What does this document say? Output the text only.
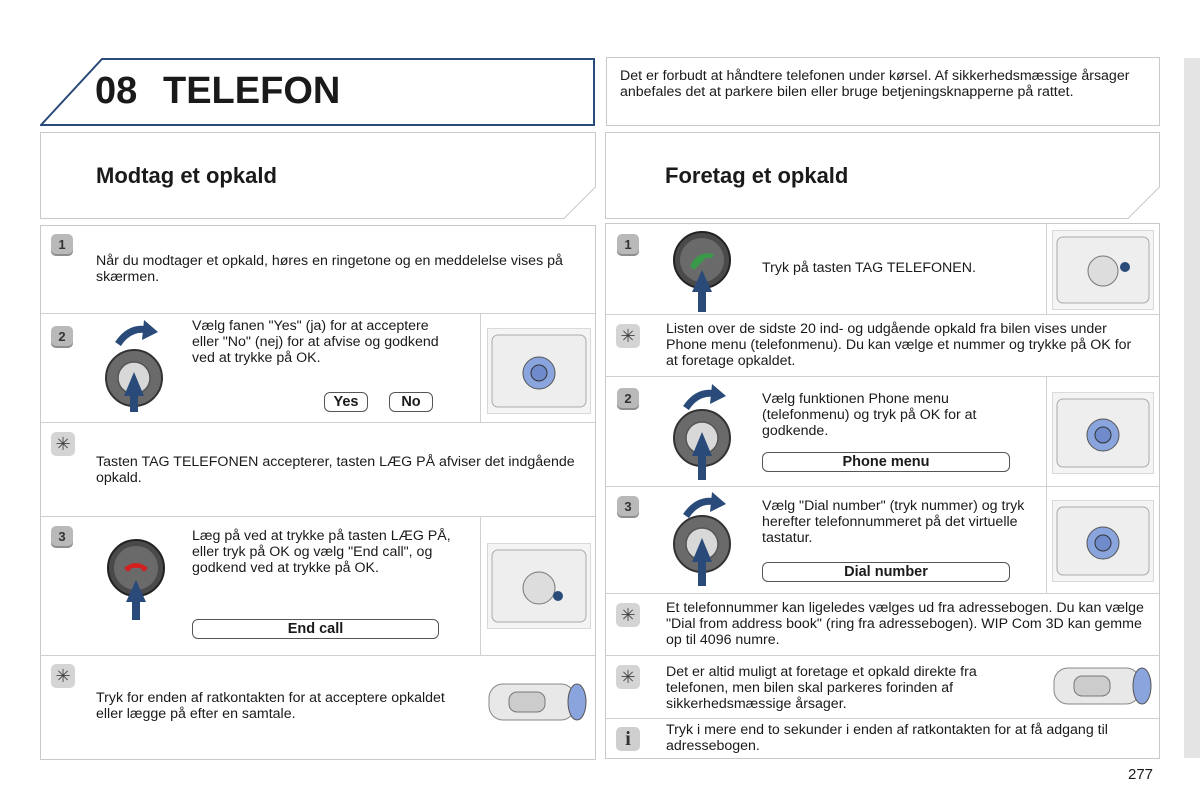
08 TELEFON	Det er forbudt at håndtere telefonen under kørsel. Af sikkerhedsmæssige årsager anbefales det at parkere bilen eller bruge betjeningsknapperne på rattet.
Modtag et opkald
1
Når du modtager et opkald, høres en ringetone og en meddelelse vises på skærmen.
2
Vælg fanen "Yes" (ja) for at acceptere eller "No" (nej) for at afvise og godkend ved at trykke på OK.
Yes	No
✳
Tasten TAG TELEFONEN accepterer, tasten LÆG PÅ afviser det indgående opkald.
3	Læg på ved at trykke på tasten LÆG PÅ, eller tryk på OK og vælg "End call", og godkend ved at trykke på OK.
End call
✳
Tryk for enden af ratkontakten for at acceptere opkaldet eller lægge på efter en samtale.
Foretag et opkald
1
Tryk på tasten TAG TELEFONEN.
✳	Listen over de sidste 20 ind- og udgående opkald fra bilen vises under Phone menu (telefonmenu). Du kan vælge et nummer og trykke på OK for at foretage opkaldet.
2	Vælg funktionen Phone menu (telefonmenu) og tryk på OK for at godkende.
Phone menu
3	Vælg "Dial number" (tryk nummer) og tryk herefter telefonnummeret på det virtuelle tastatur.
Dial number
✳	Et telefonnummer kan ligeledes vælges ud fra adressebogen. Du kan vælge "Dial from address book" (ring fra adressebogen). WIP Com 3D kan gemme op til 4096 numre.
✳	Det er altid muligt at foretage et opkald direkte fra telefonen, men bilen skal parkeres forinden af sikkerhedsmæssige årsager.
i	Tryk i mere end to sekunder i enden af ratkontakten for at få adgang til adressebogen.
277
